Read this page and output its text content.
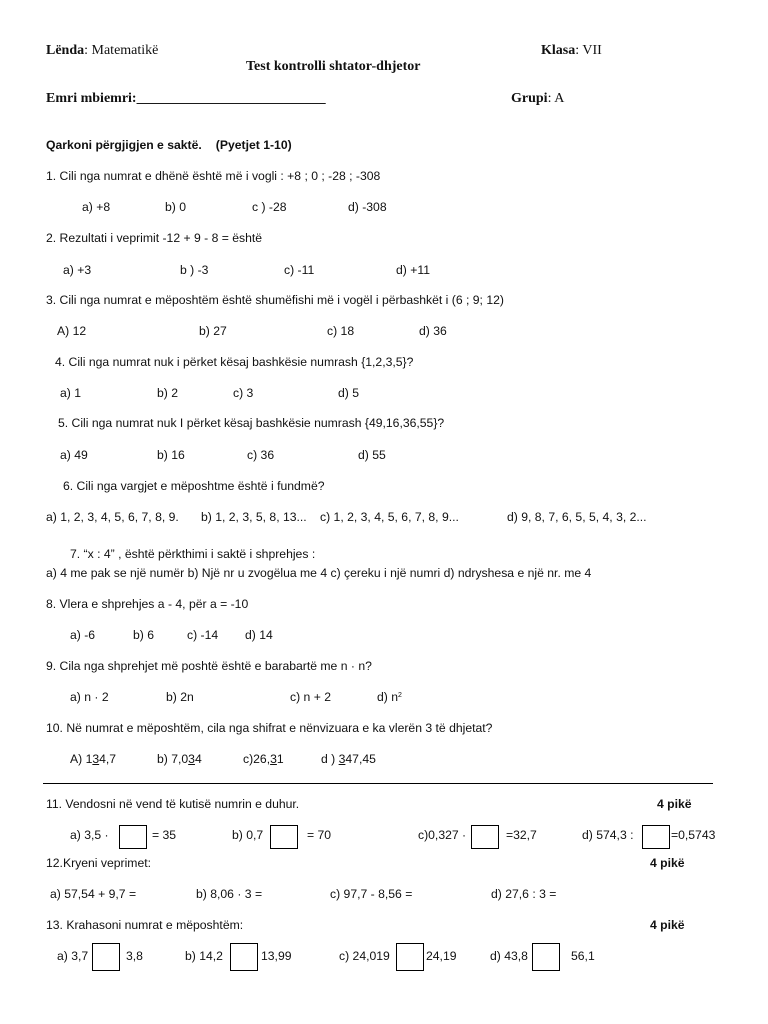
Lënda: Matematikë	Klasa: VII
Test kontrolli shtator-dhjetor
Emri mbiemri:___________________________	Grupi: A
Qarkoni përgjigjen e saktë. (Pyetjet 1-10)
1. Cili nga numrat e dhënë është më i vogli : +8 ; 0 ; -28 ; -308
a) +8	b) 0	c ) -28	d) -308
2. Rezultati i veprimit -12 + 9 - 8 = është
a) +3	b ) -3	c) -11	d) +11
3. Cili nga numrat e mëposhtëm është shumëfishi më i vogël i përbashkët i (6 ; 9; 12)
A) 12	b) 27	c) 18	d) 36
4. Cili nga numrat nuk i përket kësaj bashkësie numrash {1,2,3,5}?
a) 1	b) 2	c) 3	d) 5
5. Cili nga numrat nuk I përket kësaj bashkësie numrash {49,16,36,55}?
a) 49	b) 16	c) 36	d) 55
6. Cili nga vargjet e mëposhtme është i fundmë?
a) 1, 2, 3, 4, 5, 6, 7, 8, 9. b) 1, 2, 3, 5, 8, 13... c) 1, 2, 3, 4, 5, 6, 7, 8, 9...	d) 9, 8, 7, 6, 5, 5, 4, 3, 2...
7. “x : 4” , është përkthimi i saktë i shprehjes :
a) 4 me pak se një numër b) Një nr u zvogëlua me 4 c) çereku i një numri d) ndryshesa e një nr. me 4
8. Vlera e shprehjes a - 4, për a = -10
a) -6	b) 6	c) -14 d) 14
9. Cila nga shprehjet më poshtë është e barabartë me n · n?
a) n · 2	b) 2n	c) n + 2	d) $n^2$
10. Në numrat e mëposhtëm, cila nga shifrat e nënvizuara e ka vlerën 3 të dhjetat?
A) 134,7	b) 7,034	c)26,31	d ) 347,45
11. Vendosni në vend të kutisë numrin e duhur.	4 pikë
a) 3,5 ·	= 35	b) 0,7	= 70	c)0,327 ·	=32,7	d) 574,3 :	=0,5743
12.Kryeni veprimet:	4 pikë
a) 57,54 + 9,7 =	b) 8,06 · 3 =	c) 97,7 - 8,56 =	d) 27,6 : 3 =
13. Krahasoni numrat e mëposhtëm:	4 pikë
a) 3,7	3,8	b) 14,2	13,99	c) 24,019	24,19	d) 43,8	56,1
